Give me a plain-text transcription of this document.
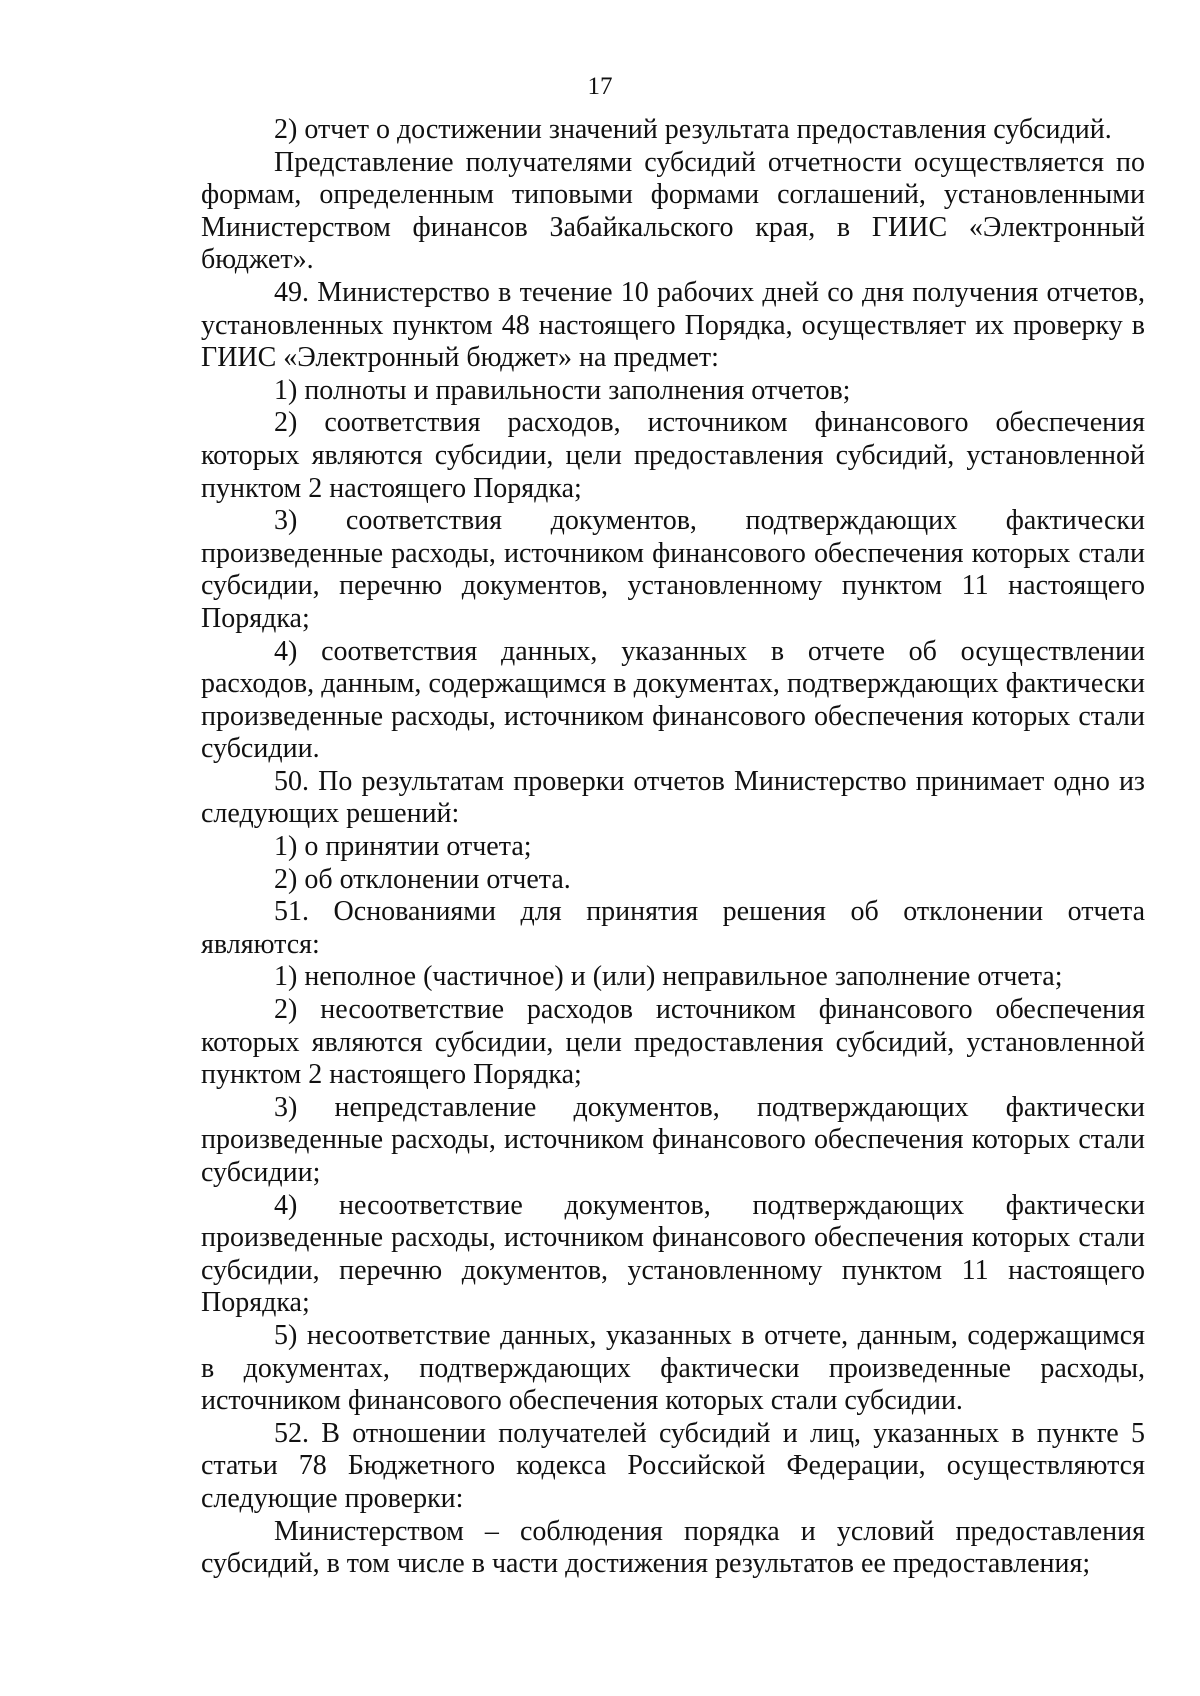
17

2) отчет о достижении значений результата предоставления субсидий.

Представление получателями субсидий отчетности осуществляется по формам, определенным типовыми формами соглашений, установленными Министерством финансов Забайкальского края, в ГИИС «Электронный бюджет».

49. Министерство в течение 10 рабочих дней со дня получения отчетов, установленных пунктом 48 настоящего Порядка, осуществляет их проверку в ГИИС «Электронный бюджет» на предмет:

1) полноты и правильности заполнения отчетов;

2) соответствия расходов, источником финансового обеспечения которых являются субсидии, цели предоставления субсидий, установленной пунктом 2 настоящего Порядка;

3) соответствия документов, подтверждающих фактически произведенные расходы, источником финансового обеспечения которых стали субсидии, перечню документов, установленному пунктом 11 настоящего Порядка;

4) соответствия данных, указанных в отчете об осуществлении расходов, данным, содержащимся в документах, подтверждающих фактически произведенные расходы, источником финансового обеспечения которых стали субсидии.

50. По результатам проверки отчетов Министерство принимает одно из следующих решений:

1) о принятии отчета;

2) об отклонении отчета.

51. Основаниями для принятия решения об отклонении отчета являются:

1) неполное (частичное) и (или) неправильное заполнение отчета;

2) несоответствие расходов источником финансового обеспечения которых являются субсидии, цели предоставления субсидий, установленной пунктом 2 настоящего Порядка;

3) непредставление документов, подтверждающих фактически произведенные расходы, источником финансового обеспечения которых стали субсидии;

4) несоответствие документов, подтверждающих фактически произведенные расходы, источником финансового обеспечения которых стали субсидии, перечню документов, установленному пунктом 11 настоящего Порядка;

5) несоответствие данных, указанных в отчете, данным, содержащимся в документах, подтверждающих фактически произведенные расходы, источником финансового обеспечения которых стали субсидии.

52. В отношении получателей субсидий и лиц, указанных в пункте 5 статьи 78 Бюджетного кодекса Российской Федерации, осуществляются следующие проверки:

Министерством – соблюдения порядка и условий предоставления субсидий, в том числе в части достижения результатов ее предоставления;
